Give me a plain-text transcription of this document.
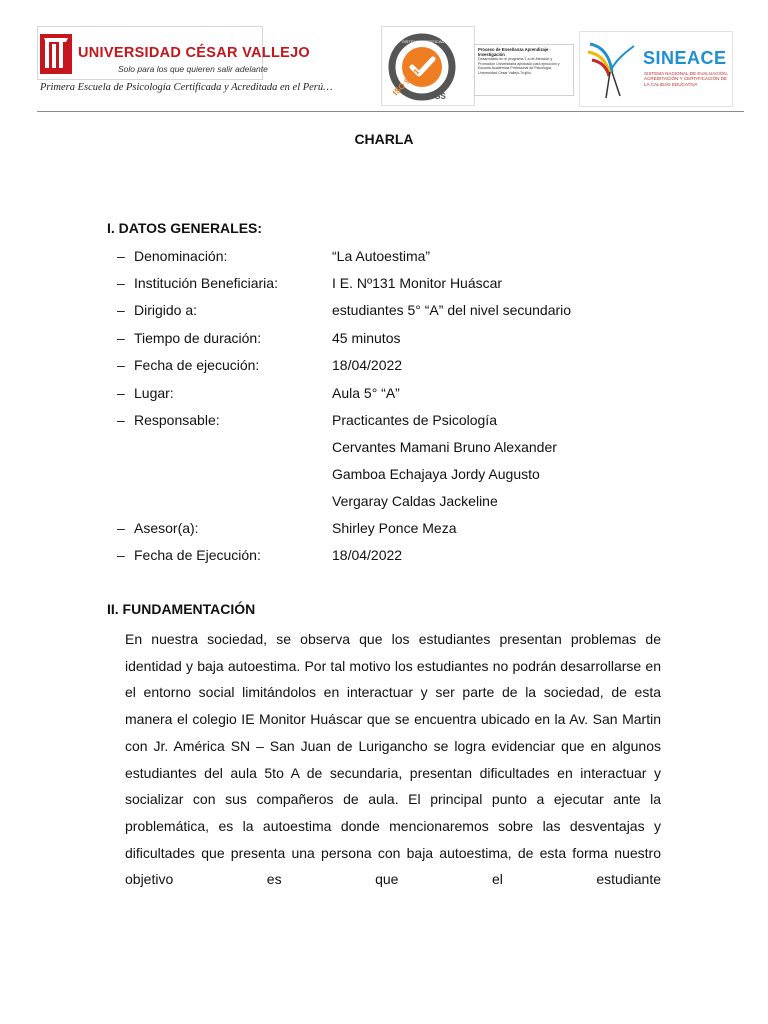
UNIVERSIDAD CÉSAR VALLEJO
Solo para los que quieren salir adelante
Primera Escuela de Psicología Certificada y Acreditada en el Perú…	ISO 9001 SGS
SISTEMA CERTIFICADO
Proceso de Enseñanza Aprendizaje · Investigación
Desarrollado en el programa 1 a de Atención y Promoción Universitaria aprobado para ejecución y Escuela Académica Profesional de Psicología. Universidad César Vallejo-Trujillo.
SINEACE
SISTEMA NACIONAL DE EVALUACIÓN, ACREDITACIÓN Y CERTIFICACIÓN DE LA CALIDAD EDUCATIVA
CHARLA
I. DATOS GENERALES:
– Denominación:	“La Autoestima”
– Institución Beneficiaria:	I E. Nº131 Monitor Huáscar
– Dirigido a:	estudiantes 5° “A” del nivel secundario
– Tiempo de duración:	45 minutos
– Fecha de ejecución:	18/04/2022
– Lugar:	Aula 5° “A”
– Responsable:	Practicantes de Psicología
Cervantes Mamani Bruno Alexander
Gamboa Echajaya Jordy Augusto
Vergaray Caldas Jackeline
– Asesor(a):	Shirley Ponce Meza
– Fecha de Ejecución:	18/04/2022
II. FUNDAMENTACIÓN
En nuestra sociedad, se observa que los estudiantes presentan problemas de identidad y baja autoestima. Por tal motivo los estudiantes no podrán desarrollarse en el entorno social limitándolos en interactuar y ser parte de la sociedad, de esta manera el colegio IE Monitor Huáscar que se encuentra ubicado en la Av. San Martin con Jr. América SN – San Juan de Lurigancho se logra evidenciar que en algunos estudiantes del aula 5to A de secundaria, presentan dificultades en interactuar y socializar con sus compañeros de aula. El principal punto a ejecutar ante la problemática, es la autoestima donde mencionaremos sobre las desventajas y dificultades que presenta una persona con baja autoestima, de esta forma nuestro objetivo es que el estudiante
